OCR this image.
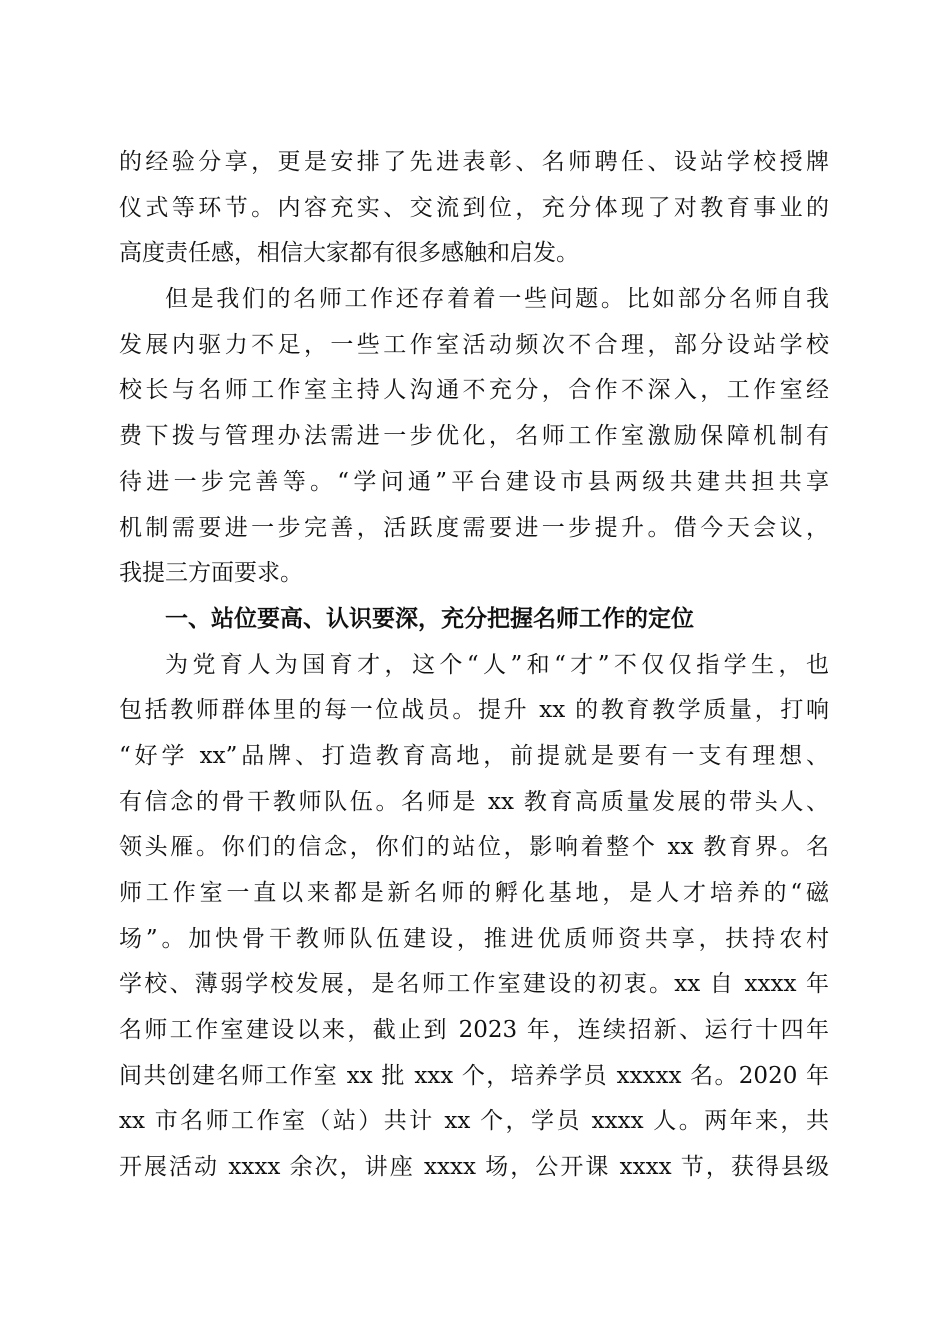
的经验分享，更是安排了先进表彰、名师聘任、设站学校授牌
仪式等环节。内容充实、交流到位，充分体现了对教育事业的
高度责任感，相信大家都有很多感触和启发。
但是我们的名师工作还存着着一些问题。比如部分名师自我
发展内驱力不足，一些工作室活动频次不合理，部分设站学校
校长与名师工作室主持人沟通不充分，合作不深入，工作室经
费下拨与管理办法需进一步优化，名师工作室激励保障机制有
待进一步完善等。“学问通”平台建设市县两级共建共担共享
机制需要进一步完善，活跃度需要进一步提升。借今天会议，
我提三方面要求。
一、站位要高、认识要深，充分把握名师工作的定位
为党育人为国育才，这个“人”和“才”不仅仅指学生，也
包括教师群体里的每一位战员。提升 xx 的教育教学质量，打响
“好学 xx”品牌、打造教育高地，前提就是要有一支有理想、
有信念的骨干教师队伍。名师是 xx 教育高质量发展的带头人、
领头雁。你们的信念，你们的站位，影响着整个 xx 教育界。名
师工作室一直以来都是新名师的孵化基地，是人才培养的“磁
场”。加快骨干教师队伍建设，推进优质师资共享，扶持农村
学校、薄弱学校发展，是名师工作室建设的初衷。xx 自 xxxx 年
名师工作室建设以来，截止到 2023 年，连续招新、运行十四年
间共创建名师工作室 xx 批 xxx 个，培养学员 xxxxx 名。2020 年
xx 市名师工作室（站）共计 xx 个，学员 xxxx 人。两年来，共
开展活动 xxxx 余次，讲座 xxxx 场，公开课 xxxx 节，获得县级
